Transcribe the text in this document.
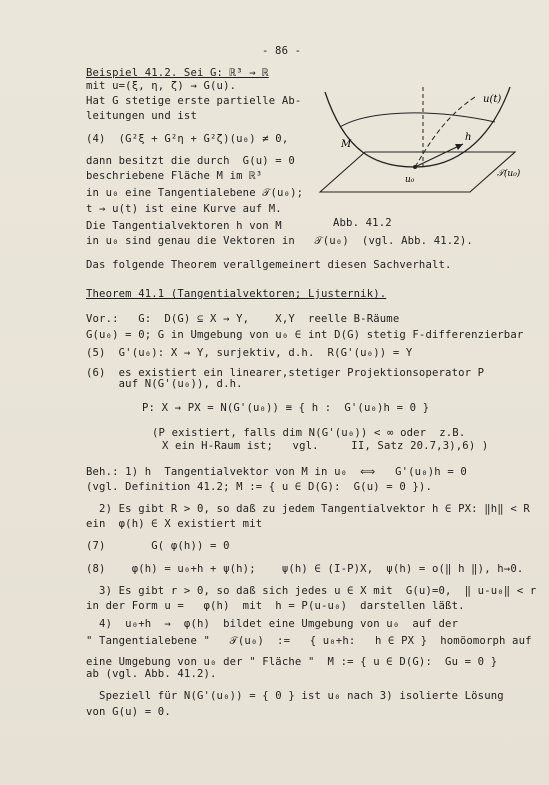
- 86 -
Beispiel 41.2. Sei G: ℝ³ → ℝ
mit u=(ξ, η, ζ) → G(u).
Hat G stetige erste partielle Ab-
leitungen und ist
(4)  (G²ξ + G²η + G²ζ)(u₀) ≠ 0,
dann besitzt die durch  G(u) = 0
beschriebene Fläche M im ℝ³
in u₀ eine Tangentialebene 𝒯(u₀);
t → u(t) ist eine Kurve auf M.
Die Tangentialvektoren h von M
in u₀ sind genau die Vektoren in   𝒯(u₀)  (vgl. Abb. 41.2).
Das folgende Theorem verallgemeinert diesen Sachverhalt.
u(t)
M
h
u₀
𝒯(u₀)
Abb. 41.2
Theorem 41.1 (Tangentialvektoren; Ljusternik).
Vor.:   G:  D(G) ⊆ X → Y,    X,Y  reelle B-Räume
G(u₀) = 0; G in Umgebung von u₀ ∈ int D(G) stetig F-differenzierbar
(5)  G'(u₀): X → Y, surjektiv, d.h.  R(G'(u₀)) = Y
(6)  es existiert ein linearer,stetiger Projektionsoperator P
auf N(G'(u₀)), d.h.
P: X → PX = N(G'(u₀)) ≡ { h :  G'(u₀)h = 0 }
(P existiert, falls dim N(G'(u₀)) < ∞ oder  z.B.
X ein H-Raum ist;   vgl.     II, Satz 20.7,3),6) )
Beh.: 1) h  Tangentialvektor von M in u₀  ⟺   G'(u₀)h = 0
(vgl. Definition 41.2; M := { u ∈ D(G):  G(u) = 0 }).
2) Es gibt R > 0, so daß zu jedem Tangentialvektor h ∈ PX: ‖h‖ < R
ein  φ(h) ∈ X existiert mit
(7)       G( φ(h)) = 0
(8)    φ(h) = u₀+h + ψ(h);    ψ(h) ∈ (I-P)X,  ψ(h) = o(‖ h ‖), h→0.
3) Es gibt r > 0, so daß sich jedes u ∈ X mit  G(u)=0,  ‖ u-u₀‖ < r
in der Form u =   φ(h)  mit  h = P(u-u₀)  darstellen läßt.
4)  u₀+h  →  φ(h)  bildet eine Umgebung von u₀  auf der
" Tangentialebene "   𝒯(u₀)  :=   { u₀+h:   h ∈ PX }  homöomorph auf
eine Umgebung von u₀ der " Fläche "  M := { u ∈ D(G):  Gu = 0 }
ab (vgl. Abb. 41.2).
Speziell für N(G'(u₀)) = { 0 } ist u₀ nach 3) isolierte Lösung
von G(u) = 0.
